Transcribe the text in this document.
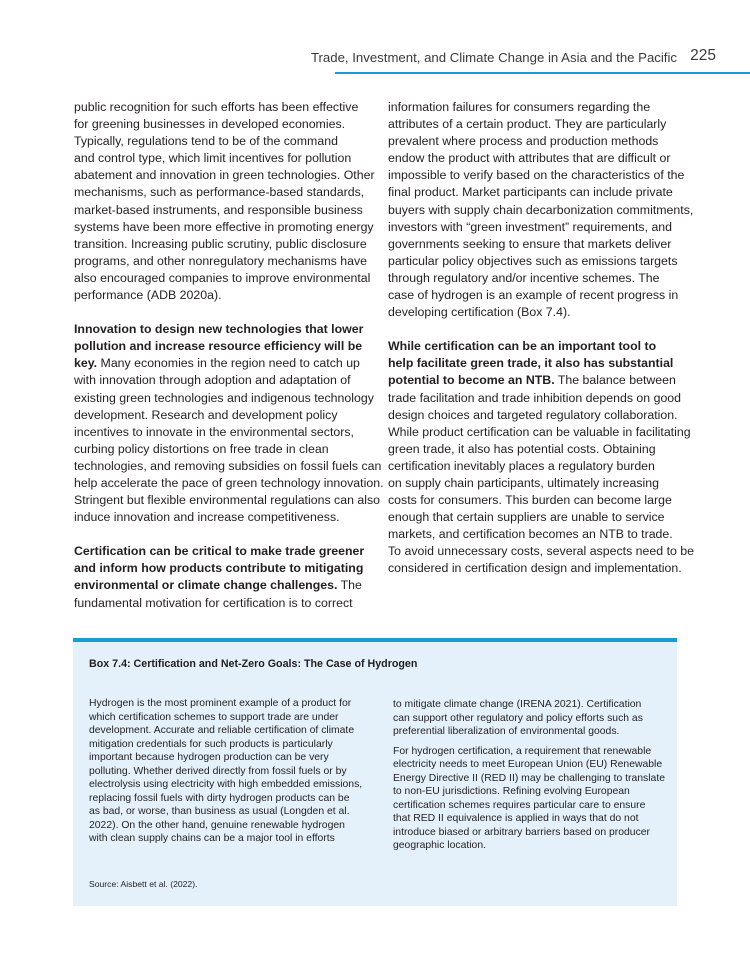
Trade, Investment, and Climate Change in Asia and the Pacific 225
public recognition for such efforts has been effective
for greening businesses in developed economies.
Typically, regulations tend to be of the command
and control type, which limit incentives for pollution
abatement and innovation in green technologies. Other
mechanisms, such as performance-based standards,
market-based instruments, and responsible business
systems have been more effective in promoting energy
transition. Increasing public scrutiny, public disclosure
programs, and other nonregulatory mechanisms have
also encouraged companies to improve environmental
performance (ADB 2020a).
Innovation to design new technologies that lower
pollution and increase resource efficiency will be
key. Many economies in the region need to catch up
with innovation through adoption and adaptation of
existing green technologies and indigenous technology
development. Research and development policy
incentives to innovate in the environmental sectors,
curbing policy distortions on free trade in clean
technologies, and removing subsidies on fossil fuels can
help accelerate the pace of green technology innovation.
Stringent but flexible environmental regulations can also
induce innovation and increase competitiveness.
Certification can be critical to make trade greener
and inform how products contribute to mitigating
environmental or climate change challenges. The
fundamental motivation for certification is to correct
information failures for consumers regarding the
attributes of a certain product. They are particularly
prevalent where process and production methods
endow the product with attributes that are difficult or
impossible to verify based on the characteristics of the
final product. Market participants can include private
buyers with supply chain decarbonization commitments,
investors with “green investment” requirements, and
governments seeking to ensure that markets deliver
particular policy objectives such as emissions targets
through regulatory and/or incentive schemes. The
case of hydrogen is an example of recent progress in
developing certification (Box 7.4).
While certification can be an important tool to
help facilitate green trade, it also has substantial
potential to become an NTB. The balance between
trade facilitation and trade inhibition depends on good
design choices and targeted regulatory collaboration.
While product certification can be valuable in facilitating
green trade, it also has potential costs. Obtaining
certification inevitably places a regulatory burden
on supply chain participants, ultimately increasing
costs for consumers. This burden can become large
enough that certain suppliers are unable to service
markets, and certification becomes an NTB to trade.
To avoid unnecessary costs, several aspects need to be
considered in certification design and implementation.
Box 7.4: Certification and Net-Zero Goals: The Case of Hydrogen
Hydrogen is the most prominent example of a product for
which certification schemes to support trade are under
development. Accurate and reliable certification of climate
mitigation credentials for such products is particularly
important because hydrogen production can be very
polluting. Whether derived directly from fossil fuels or by
electrolysis using electricity with high embedded emissions,
replacing fossil fuels with dirty hydrogen products can be
as bad, or worse, than business as usual (Longden et al.
2022). On the other hand, genuine renewable hydrogen
with clean supply chains can be a major tool in efforts
to mitigate climate change (IRENA 2021). Certification
can support other regulatory and policy efforts such as
preferential liberalization of environmental goods.
For hydrogen certification, a requirement that renewable
electricity needs to meet European Union (EU) Renewable
Energy Directive II (RED II) may be challenging to translate
to non-EU jurisdictions. Refining evolving European
certification schemes requires particular care to ensure
that RED II equivalence is applied in ways that do not
introduce biased or arbitrary barriers based on producer
geographic location.
Source: Aisbett et al. (2022).
